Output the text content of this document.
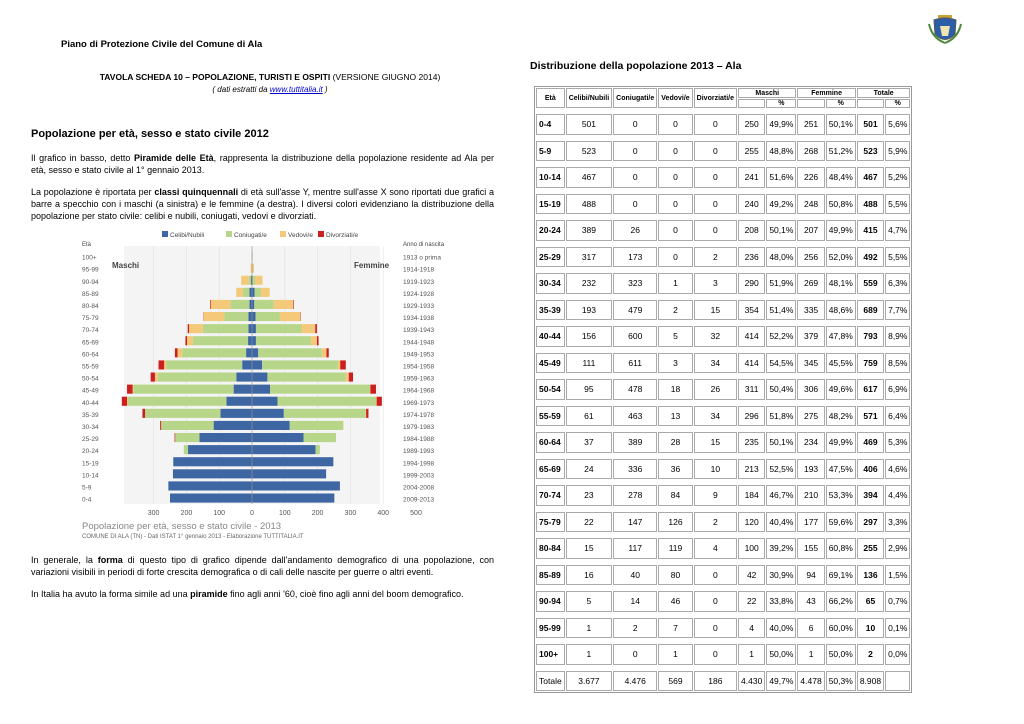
Piano di Protezione Civile del Comune di Ala
TAVOLA SCHEDA 10 – POPOLAZIONE, TURISTI E OSPITI (VERSIONE GIUGNO 2014)
( dati estratti da www.tuttitalia.it )
Popolazione per età, sesso e stato civile 2012
Il grafico in basso, detto Piramide delle Età, rappresenta la distribuzione della popolazione residente ad Ala per età, sesso e stato civile al 1° gennaio 2013.
La popolazione è riportata per classi quinquennali di età sull'asse Y, mentre sull'asse X sono riportati due grafici a barre a specchio con i maschi (a sinistra) e le femmine (a destra). I diversi colori evidenziano la distribuzione della popolazione per stato civile: celibi e nubili, coniugati, vedovi e divorziati.
In generale, la forma di questo tipo di grafico dipende dall'andamento demografico di una popolazione, con variazioni visibili in periodi di forte crescita demografica o di cali delle nascite per guerre o altri eventi.
In Italia ha avuto la forma simile ad una piramide fino agli anni '60, cioè fino agli anni del boom demografico.
300	200	100	0	100	200	300	400	500
Celibi/Nubili	Coniugati/e	Vedovi/e Divorziati/e
Età	Anno di nascita
Maschi	Femmine
0-4	2009-2013
5-9	2004-2008
10-14	1999-2003
15-19	1994-1998
20-24	1989-1993
25-29	1984-1988
30-34	1979-1983
35-39	1974-1978
40-44	1969-1973
45-49	1964-1968
50-54	1959-1963
55-59	1954-1958
60-64	1949-1953
65-69	1944-1948
70-74	1939-1943
75-79	1934-1938
80-84	1929-1933
85-89	1924-1928
90-94	1919-1923
95-99	1914-1918
100+	1913 o prima
Popolazione per età, sesso e stato civile - 2013
COMUNE DI ALA (TN) - Dati ISTAT 1° gennaio 2013 - Elaborazione TUTTITALIA.IT
Distribuzione della popolazione 2013 – Ala
Età	Celibi/Nubili	Coniugati/e	Vedovi/e	Divorziati/e	Maschi		Femmine		Totale	
						%		%		%

0-4	501	0	0	0	250	49,9%	251	50,1%	501	5,6%

5-9	523	0	0	0	255	48,8%	268	51,2%	523	5,9%

10-14	467	0	0	0	241	51,6%	226	48,4%	467	5,2%

15-19	488	0	0	0	240	49,2%	248	50,8%	488	5,5%

20-24	389	26	0	0	208	50,1%	207	49,9%	415	4,7%

25-29	317	173	0	2	236	48,0%	256	52,0%	492	5,5%

30-34	232	323	1	3	290	51,9%	269	48,1%	559	6,3%

35-39	193	479	2	15	354	51,4%	335	48,6%	689	7,7%

40-44	156	600	5	32	414	52,2%	379	47,8%	793	8,9%

45-49	111	611	3	34	414	54,5%	345	45,5%	759	8,5%

50-54	95	478	18	26	311	50,4%	306	49,6%	617	6,9%

55-59	61	463	13	34	296	51,8%	275	48,2%	571	6,4%

60-64	37	389	28	15	235	50,1%	234	49,9%	469	5,3%

65-69	24	336	36	10	213	52,5%	193	47,5%	406	4,6%

70-74	23	278	84	9	184	46,7%	210	53,3%	394	4,4%

75-79	22	147	126	2	120	40,4%	177	59,6%	297	3,3%

80-84	15	117	119	4	100	39,2%	155	60,8%	255	2,9%

85-89	16	40	80	0	42	30,9%	94	69,1%	136	1,5%

90-94	5	14	46	0	22	33,8%	43	66,2%	65	0,7%

95-99	1	2	7	0	4	40,0%	6	60,0%	10	0,1%

100+	1	0	1	0	1	50,0%	1	50,0%	2	0,0%

Totale	3.677	4.476	569	186	4.430	49,7%	4.478	50,3%	8.908	
